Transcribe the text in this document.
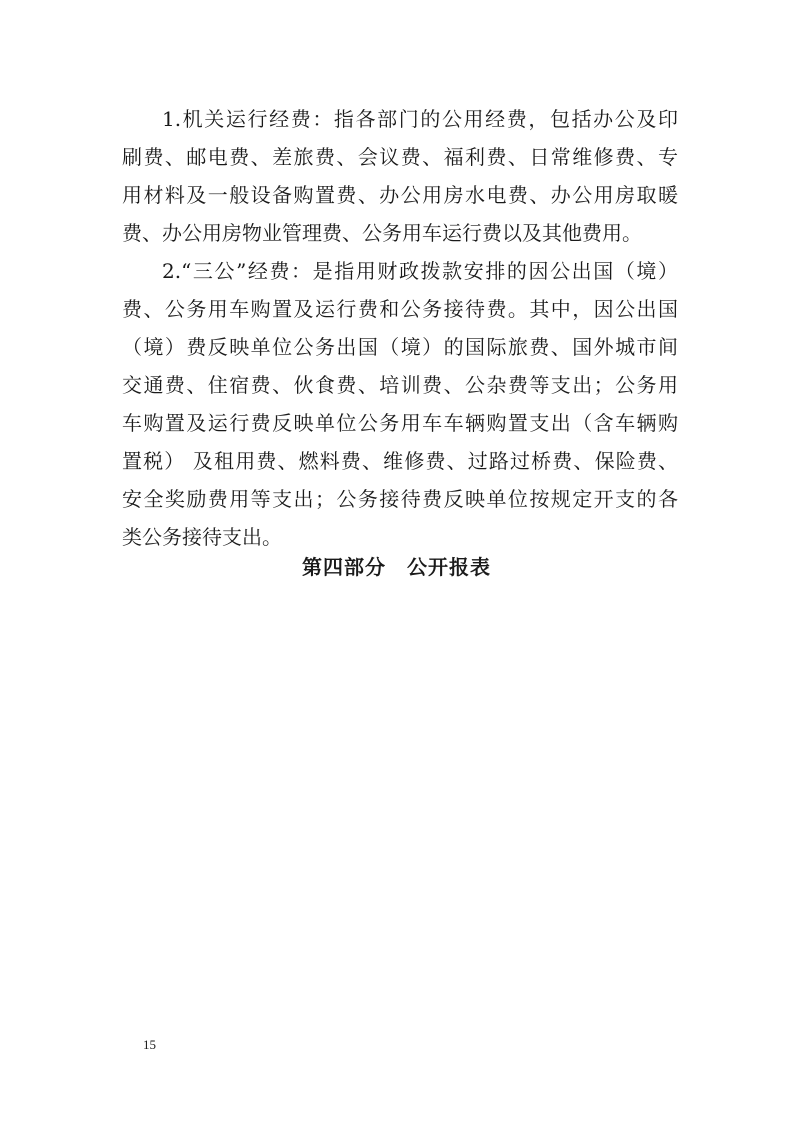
1.机关运行经费：指各部门的公用经费，包括办公及印
刷费、邮电费、差旅费、会议费、福利费、日常维修费、专
用材料及一般设备购置费、办公用房水电费、办公用房取暖
费、办公用房物业管理费、公务用车运行费以及其他费用。
2.“三公”经费：是指用财政拨款安排的因公出国（境）
费、公务用车购置及运行费和公务接待费。其中，因公出国
（境）费反映单位公务出国（境）的国际旅费、国外城市间
交通费、住宿费、伙食费、培训费、公杂费等支出；公务用
车购置及运行费反映单位公务用车车辆购置支出（含车辆购
置税） 及租用费、燃料费、维修费、过路过桥费、保险费、
安全奖励费用等支出；公务接待费反映单位按规定开支的各
类公务接待支出。
第四部分　公开报表
15
